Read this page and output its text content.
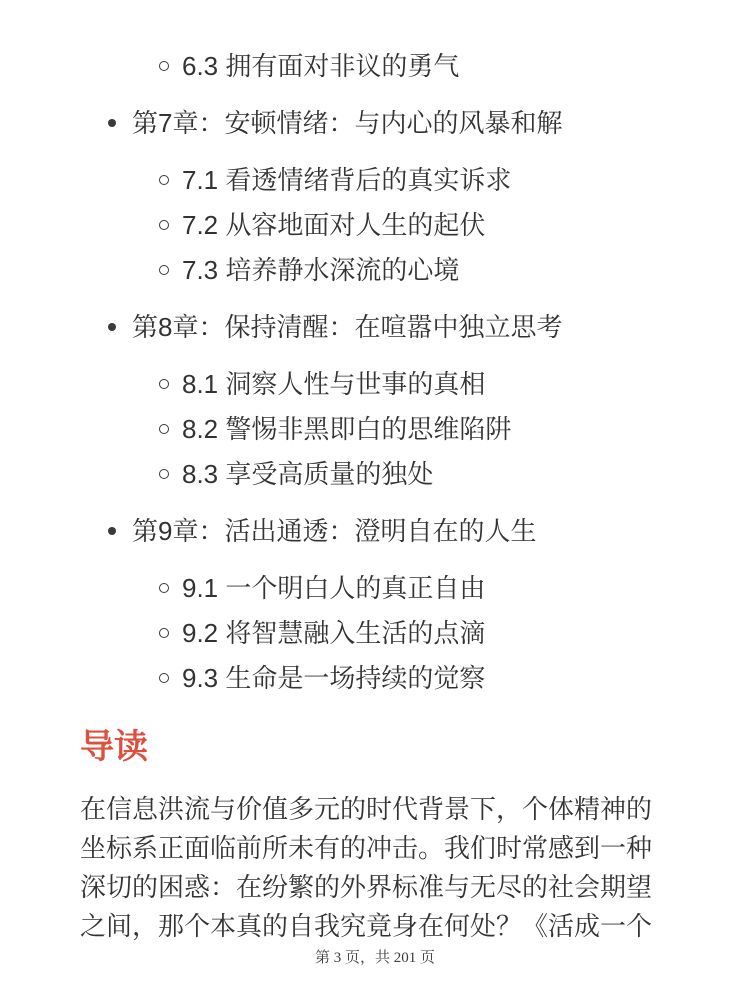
6.3 拥有面对非议的勇气
第7章：安顿情绪：与内心的风暴和解
7.1 看透情绪背后的真实诉求
7.2 从容地面对人生的起伏
7.3 培养静水深流的心境
第8章：保持清醒：在喧嚣中独立思考
8.1 洞察人性与世事的真相
8.2 警惕非黑即白的思维陷阱
8.3 享受高质量的独处
第9章：活出通透：澄明自在的人生
9.1 一个明白人的真正自由
9.2 将智慧融入生活的点滴
9.3 生命是一场持续的觉察
导读
在信息洪流与价值多元的时代背景下，个体精神的
坐标系正面临前所未有的冲击。我们时常感到一种
深切的困惑：在纷繁的外界标准与无尽的社会期望
之间，那个本真的自我究竟身在何处？《活成一个
第 3 页，共 201 页
